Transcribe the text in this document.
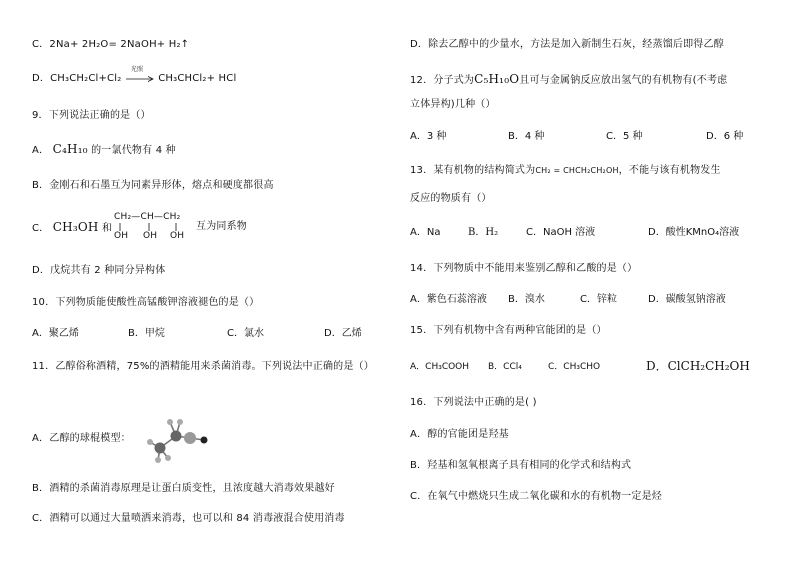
C．2Na+ 2H₂O= 2NaOH+ H₂↑
D．CH₃CH₂Cl+Cl₂
光照
CH₃CHCl₂+ HCl
9．下列说法正确的是（）
A． C₄H₁₀ 的一氯代物有 4 种
B．金刚石和石墨互为同素异形体，熔点和硬度都很高
C． CH₃OH 和
CH₂—CH—CH₂
OH OH OH
互为同系物
D．戊烷共有 2 种同分异构体
10．下列物质能使酸性高锰酸钾溶液褪色的是（）
A．聚乙烯	B．甲烷	C．氯水	D．乙烯
11．乙醇俗称酒精，75%的酒精能用来杀菌消毒。下列说法中正确的是（）
A．乙醇的球棍模型：
B．酒精的杀菌消毒原理是让蛋白质变性，且浓度越大消毒效果越好
C．酒精可以通过大量喷洒来消毒，也可以和 84 消毒液混合使用消毒
D．除去乙醇中的少量水，方法是加入新制生石灰，经蒸馏后即得乙醇
12．分子式为C₅H₁₀O且可与金属钠反应放出氢气的有机物有(不考虑
立体异构)几种（）
A．3 种	B．4 种	C．5 种	D．6 种
13．某有机物的结构简式为CH₂ = CHCH₂CH₂OH，不能与该有机物发生
反应的物质有（）
A．Na	B．H₂	C．NaOH 溶液	D．酸性KMnO₄溶液
14．下列物质中不能用来鉴别乙醇和乙酸的是（）
A．紫色石蕊溶液 B．溴水	C．锌粒	D．碳酸氢钠溶液
15．下列有机物中含有两种官能团的是（）
A．CH₃COOH B．CCl₄	C．CH₃CHO	D．ClCH₂CH₂OH
16．下列说法中正确的是( )
A．醇的官能团是羟基
B．羟基和氢氧根离子具有相同的化学式和结构式
C．在氧气中燃烧只生成二氧化碳和水的有机物一定是烃
